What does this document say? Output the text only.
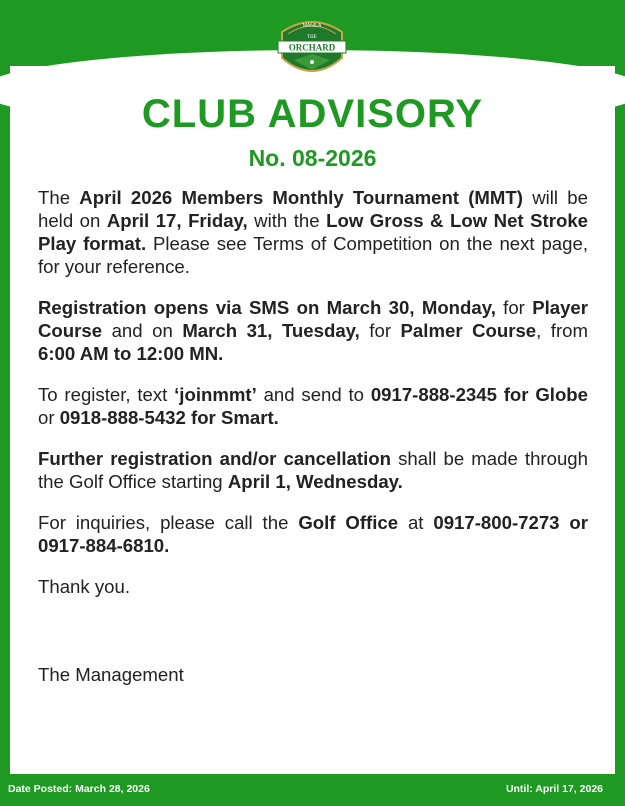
MANILA
THE
ORCHARD
CLUB ADVISORY
No. 08-2026

The April 2026 Members Monthly Tournament (MMT) will be held on April 17, Friday, with the Low Gross & Low Net Stroke Play format. Please see Terms of Competition on the next page, for your reference.

Registration opens via SMS on March 30, Monday, for Player Course and on March 31, Tuesday, for Palmer Course, from 6:00 AM to 12:00 MN.

To register, text ‘joinmmt’ and send to 0917-888-2345 for Globe or 0918-888-5432 for Smart.

Further registration and/or cancellation shall be made through the Golf Office starting April 1, Wednesday.

For inquiries, please call the Golf Office at 0917-800-7273 or 0917-884-6810.

Thank you.

The Management
Date Posted: March 28, 2026	Until: April 17, 2026
